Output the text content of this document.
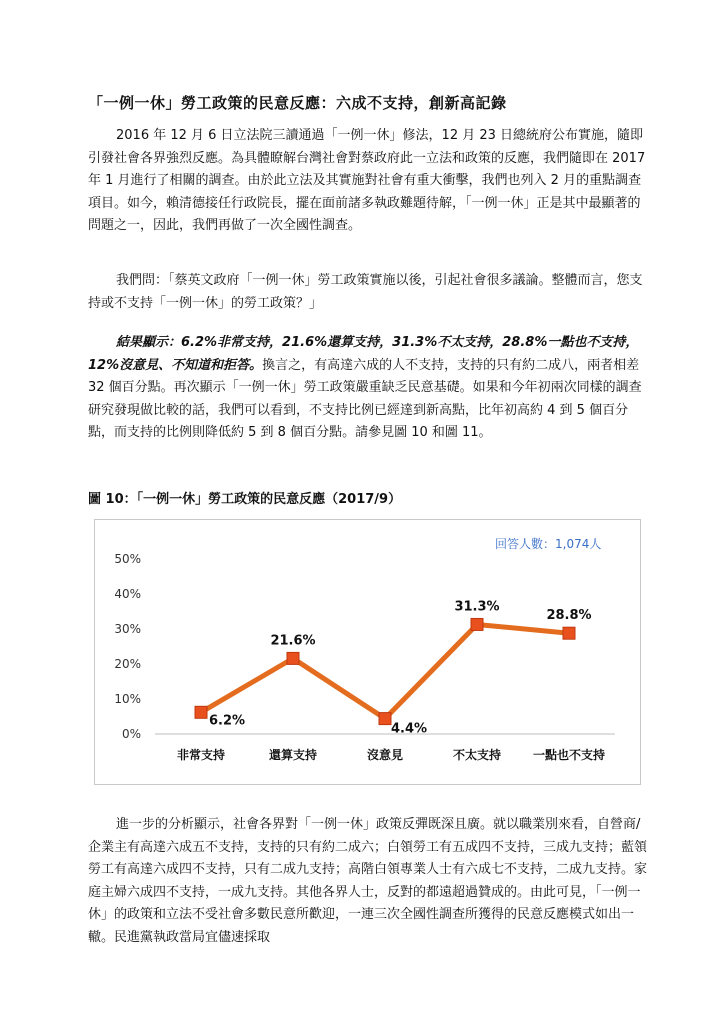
「一例一休」勞工政策的民意反應：六成不支持，創新高記錄

2016 年 12 月 6 日立法院三讀通過「一例一休」修法，12 月 23 日總統府公布實施，隨即引發社會各界強烈反應。為具體瞭解台灣社會對蔡政府此一立法和政策的反應，我們隨即在 2017 年 1 月進行了相關的調查。由於此立法及其實施對社會有重大衝擊，我們也列入 2 月的重點調查項目。如今，賴清德接任行政院長，擺在面前諸多執政難題待解，「一例一休」正是其中最顯著的問題之一，因此，我們再做了一次全國性調查。

我們問：「蔡英文政府「一例一休」勞工政策實施以後，引起社會很多議論。整體而言，您支持或不支持「一例一休」的勞工政策？」

結果顯示：6.2%非常支持，21.6%還算支持，31.3%不太支持，28.8%一點也不支持，12%沒意見、不知道和拒答。換言之，有高達六成的人不支持，支持的只有約二成八，兩者相差 32 個百分點。再次顯示「一例一休」勞工政策嚴重缺乏民意基礎。如果和今年初兩次同樣的調查研究發現做比較的話，我們可以看到，不支持比例已經達到新高點，比年初高約 4 到 5 個百分點，而支持的比例則降低約 5 到 8 個百分點。請參見圖 10 和圖 11。

圖 10：「一例一休」勞工政策的民意反應（2017/9）
回答人數：1,074人
0%
10%
20%
30%
40%
50%
非常支持	還算支持	沒意見	不太支持	一點也不支持
6.2%
21.6%
4.4%
31.3%
28.8%

進一步的分析顯示，社會各界對「一例一休」政策反彈既深且廣。就以職業別來看，自營商/企業主有高達六成五不支持，支持的只有約二成六；白領勞工有五成四不支持，三成九支持；藍領勞工有高達六成四不支持，只有二成九支持；高階白領專業人士有六成七不支持，二成九支持。家庭主婦六成四不支持，一成九支持。其他各界人士，反對的都遠超過贊成的。由此可見，「一例一休」的政策和立法不受社會多數民意所歡迎，一連三次全國性調查所獲得的民意反應模式如出一轍。民進黨執政當局宜儘速採取
